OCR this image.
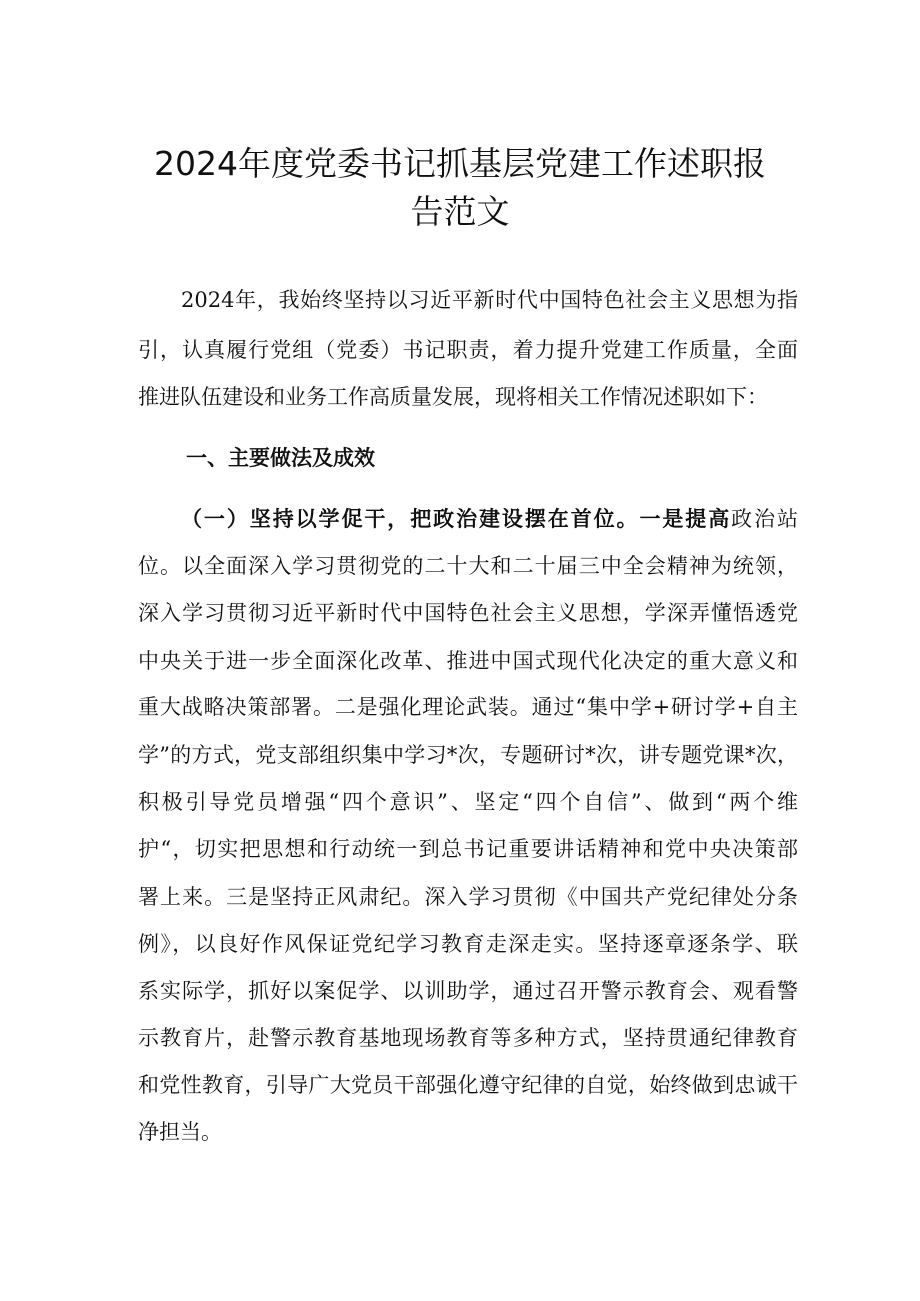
2024年度党委书记抓基层党建工作述职报
告范文
2024年，我始终坚持以习近平新时代中国特色社会主义思想为指
引，认真履行党组（党委）书记职责，着力提升党建工作质量，全面
推进队伍建设和业务工作高质量发展，现将相关工作情况述职如下：
一、主要做法及成效
（一）坚持以学促干，把政治建设摆在首位。一是提高政治站
位。以全面深入学习贯彻党的二十大和二十届三中全会精神为统领，
深入学习贯彻习近平新时代中国特色社会主义思想，学深弄懂悟透党
中央关于进一步全面深化改革、推进中国式现代化决定的重大意义和
重大战略决策部署。二是强化理论武装。通过“集中学+研讨学+自主
学”的方式，党支部组织集中学习*次，专题研讨*次，讲专题党课*次，
积极引导党员增强“四个意识”、坚定“四个自信”、做到“两个维
护“，切实把思想和行动统一到总书记重要讲话精神和党中央决策部
署上来。三是坚持正风肃纪。深入学习贯彻《中国共产党纪律处分条
例》，以良好作风保证党纪学习教育走深走实。坚持逐章逐条学、联
系实际学，抓好以案促学、以训助学，通过召开警示教育会、观看警
示教育片，赴警示教育基地现场教育等多种方式，坚持贯通纪律教育
和党性教育，引导广大党员干部强化遵守纪律的自觉，始终做到忠诚干
净担当。
